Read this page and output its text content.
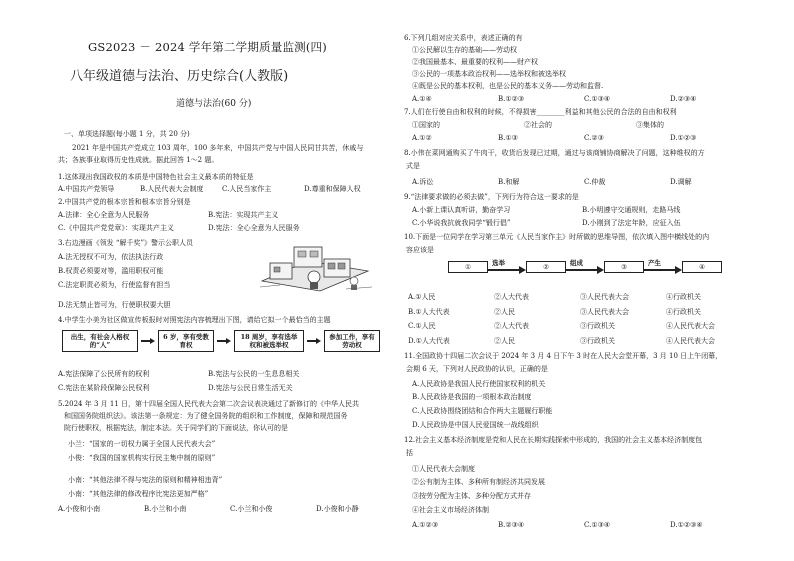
GS2023 － 2024 学年第二学期质量监测(四)
八年级道德与法治、历史综合(人教版)
道德与法治(60 分)
一、单项选择题(每小题 1 分，共 20 分)
2021 年是中国共产党成立 103 周年，100 多年来，中国共产党与中国人民同甘共苦，休戚与
共；各族事业取得历史性成就。据此回答 1～2 题。
1.这体现出我国政权的本质是中国特色社会主义最本质的特征是
A.中国共产党领导	B.人民代表大会制度	C.人民当家作主	D.尊重和保障人权
2.中国共产党的根本宗旨和根本宗旨分别是
A.法律：全心全意为人民服务	B.宪法：实现共产主义
C.《中国共产党党章》：实现共产主义	D.宪法：全心全意为人民服务
3.右边漫画《领发 “解千奖”》警示公职人员
A.法无授权不可为，依法执法行政
B.权责必须要对等，滥用职权可能
C.法定职责必须为，行使监督有担当
D.法无禁止皆可为，行使职权要大胆
4.中学生小美为社区做宣传板报时对照宪法内容梳理出下图，请给它拟一个最恰当的主题
出生，有社会人格权的“人”
6 岁，享有受教育权
18 周岁，享有选举权和被选举权
参加工作，享有劳动权
A.宪法保障了公民所有的权利	B.宪法与公民的一生息息相关
C.宪法在某阶段保障公民权利	D.宪法与公民日常生活无关
5.2024 年 3 月 11 日，第十四届全国人民代表大会第二次会议表决通过了新修订的《中华人民共
和国国务院组织法》。该法第一条规定：为了健全国务院的组织和工作制度，保障和规范国务
院行使职权，根据宪法，制定本法。关于同学们的下面说法，你认可的是
小兰：“国家的一切权力属于全国人民代表大会”
小俊：“我国的国家机构实行民主集中制的原则”
小南：“其他法律不得与宪法的原则和精神相违背”
小南：“其他法律的修改程序比宪法更加严格”
A.小俊和小南	B.小兰和小南	C.小兰和小俊	D.小俊和小静
6.下列几组对应关系中，表述正确的有
①公民解以生存的基础——劳动权
②我国最基本、最重要的权利——财产权
③公民的一项基本政治权利——选举权和被选举权
④既是公民的基本权利，也是公民的基本义务——劳动和监督.
A.①④	B.①②③	C.①③④	D.②③④
7.人们在行使自由和权利的时候，不得损害________利益和其他公民的合法的自由和权利
①国家的	②社会的	③集体的
A.①②	B.①③	C.②③	D.①②③
8.小伟在菜网通购买了牛肉干，收货后发现已过期，通过与该商铺协商解决了问题，这种维权的方
式是
A.诉讼	B.和解	C.仲裁	D.调解
9.“法律要求做的必须去做”，下列行为符合这一要求的是
A.小新上课认真听讲，勤奋学习	B.小明遵守交通规则，走路马线
C.小华说我抗就我同学“锻行倡”	D.小刚到了法定年龄，应征入伍
10.下面是一位同学在学习第三单元《人民当家作主》时所做的思维导图，依次填入图中横线处的内
容应该是
①	选举	②	组成	③	产生	④
A.①人民	②人大代表	③人民代表大会	④行政机关
B.①人大代表	②人民	③人民代表大会	④行政机关
C.①人民	②人大代表	③行政机关	④人民代表大会
D.①人大代表	②人民	③行政机关	④人民代表大会
11.全国政协十四届二次会议于 2024 年 3 月 4 日下午 3 时在人民大会堂开幕，3 月 10 日上午闭幕，
会期 6 天，下列对人民政协的认识，正确的是
A.人民政协是我国人民行使国家权利的机关
B.人民政协是我国的一项根本政治制度
C.人民政协围绕团结和合作两大主题履行职能
D.人民政协是中国人民爱国统一战线组织
12.社会主义基本经济制度是党和人民在长期实践探索中形成的，我国的社会主义基本经济制度包
括
①人民代表大会制度
②公有制为主体、多种所有制经济共同发展
③按劳分配为主体、多种分配方式并存
④社会主义市场经济体制
A.①②③	B.②③④	C.①③④	D.①②③④
